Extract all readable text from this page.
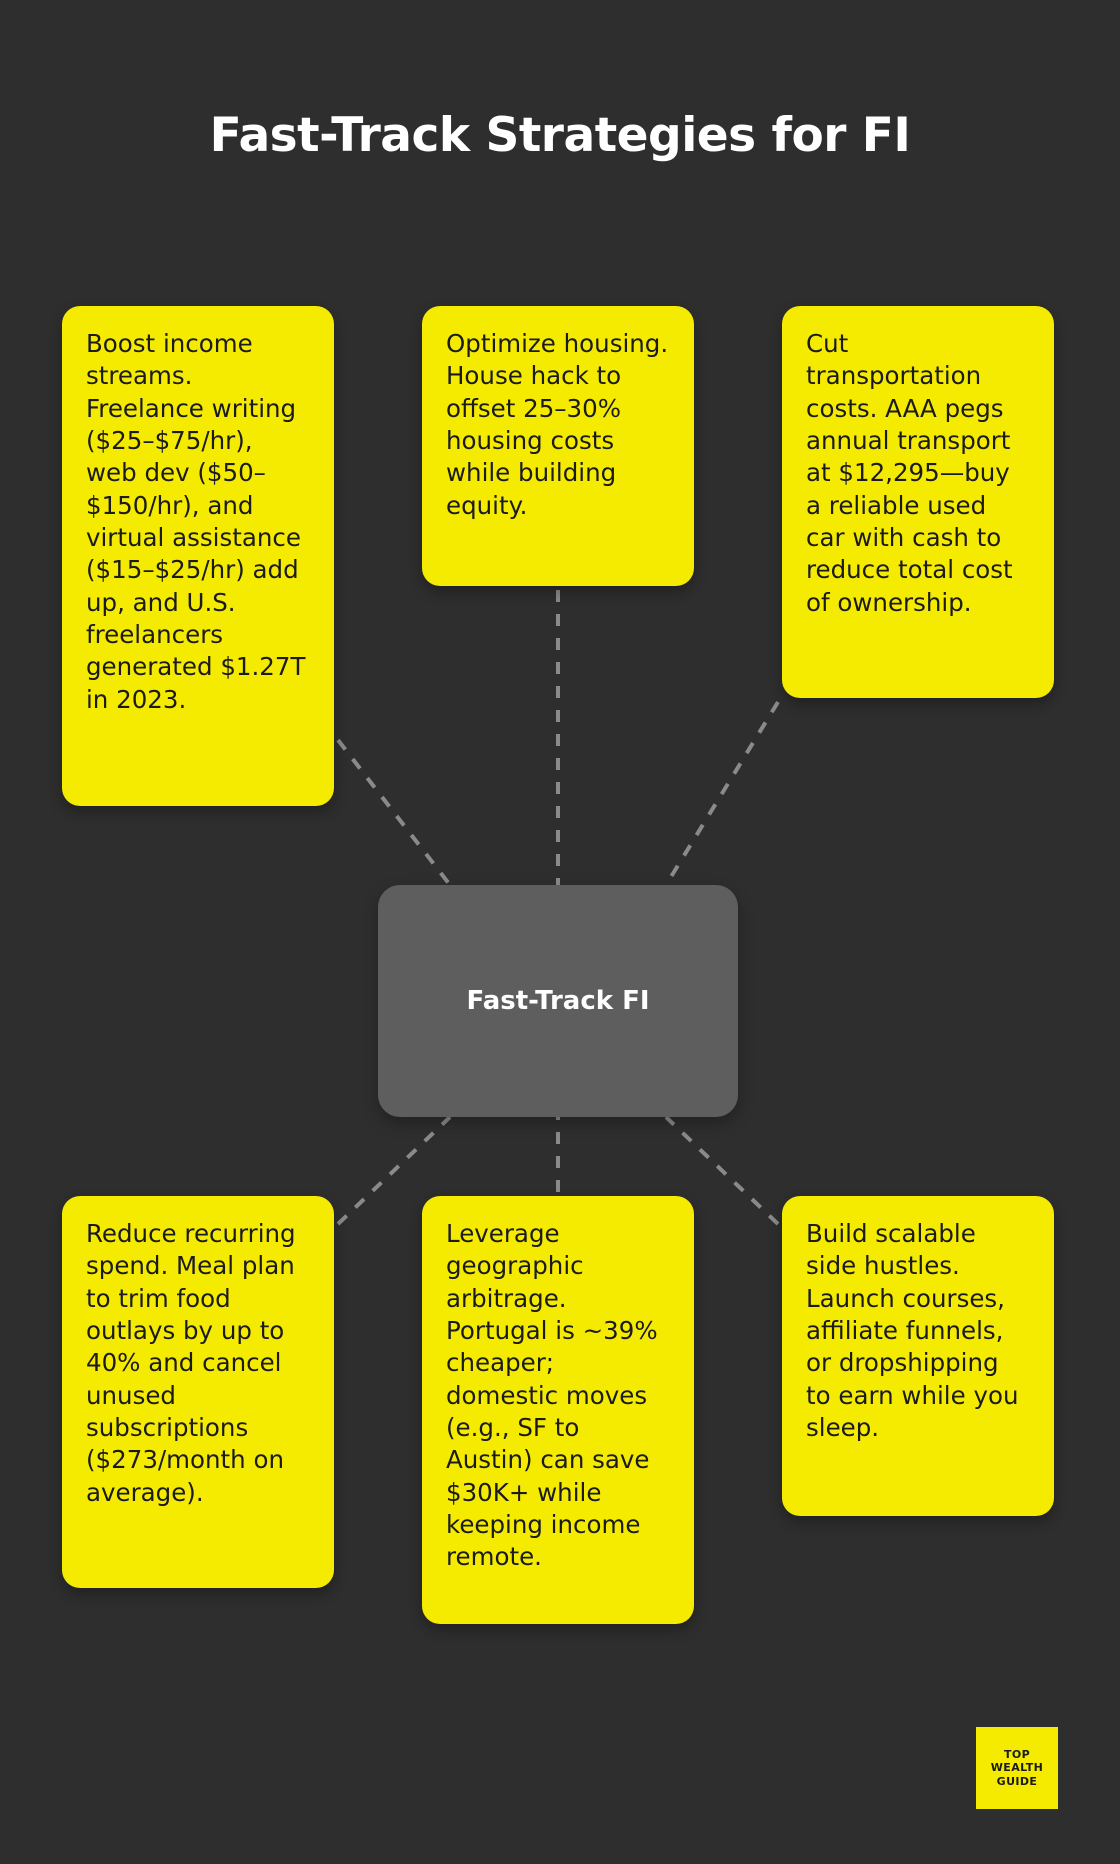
Fast-Track Strategies for FI
Boost income streams. Freelance writing ($25–$75/hr), web dev ($50–$150/hr), and virtual assistance ($15–$25/hr) add up, and U.S. freelancers generated $1.27T in 2023.
Optimize housing. House hack to offset 25–30% housing costs while building equity.
Cut transportation costs. AAA pegs annual transport at $12,295—buy a reliable used car with cash to reduce total cost of ownership.
Fast-Track FI
Reduce recurring spend. Meal plan to trim food outlays by up to 40% and cancel unused subscriptions ($273/month on average).
Leverage geographic arbitrage. Portugal is ~39% cheaper; domestic moves (e.g., SF to Austin) can save $30K+ while keeping income remote.
Build scalable side hustles. Launch courses, affiliate funnels, or dropshipping to earn while you sleep.
TOP
WEALTH
GUIDE
